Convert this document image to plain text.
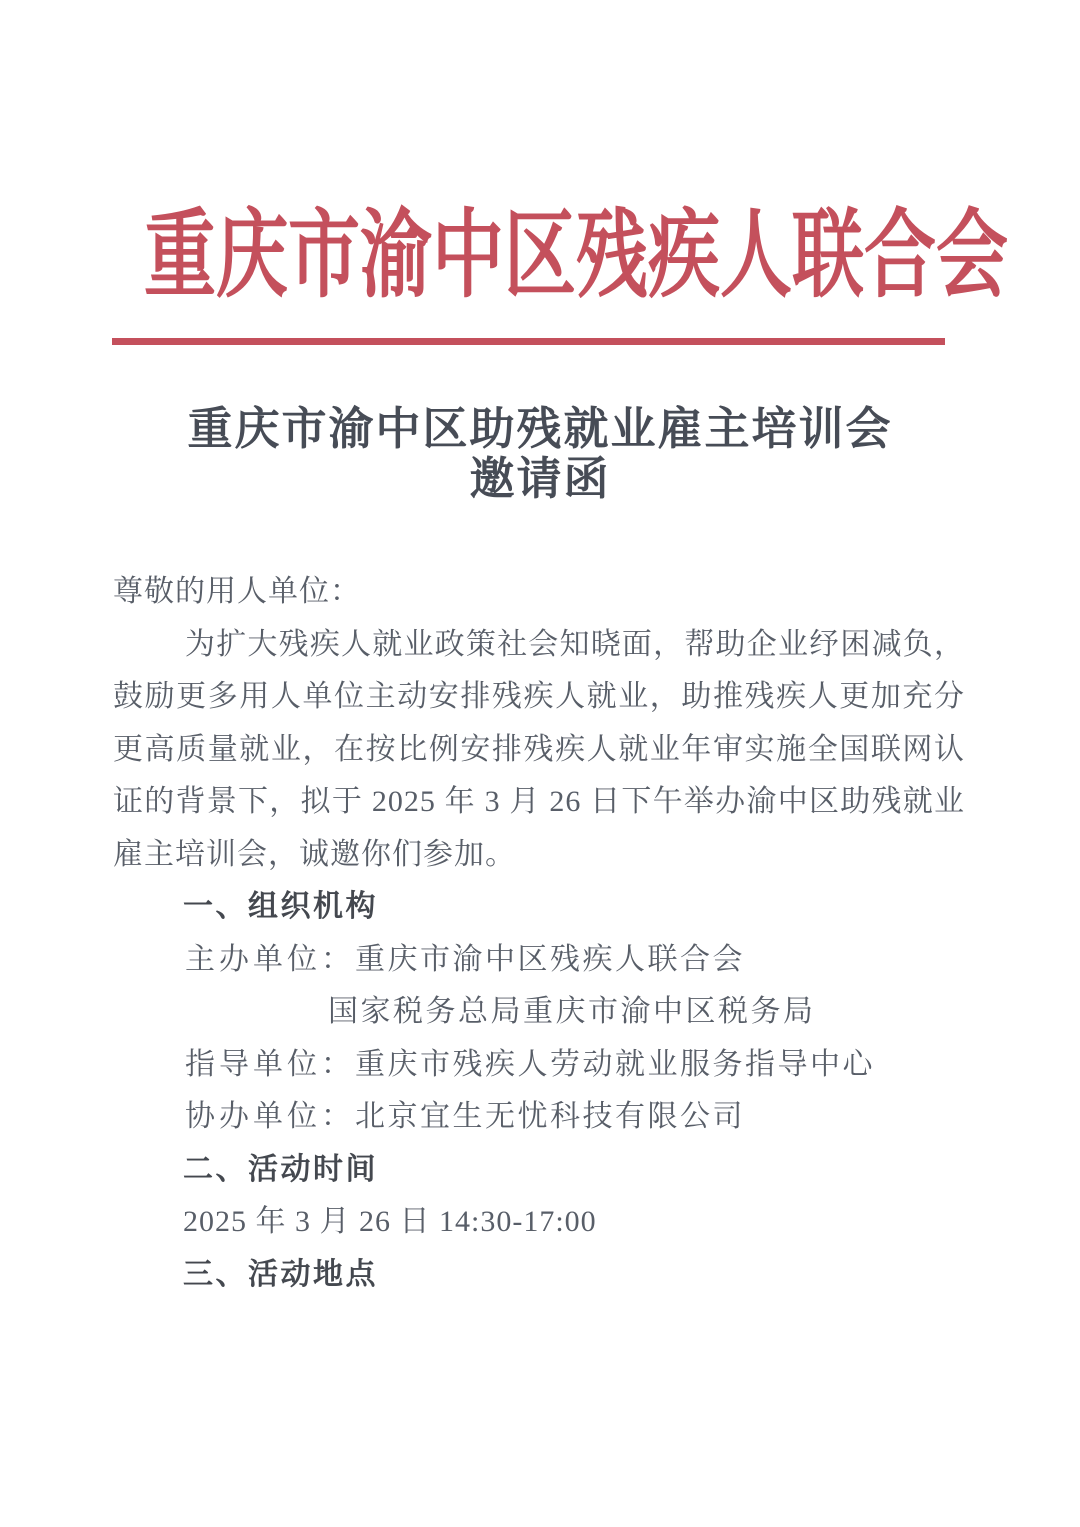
重庆市渝中区残疾人联合会
重庆市渝中区助残就业雇主培训会
邀请函
尊敬的用人单位：
为扩大残疾人就业政策社会知晓面，帮助企业纾困减负，鼓励更多用人单位主动安排残疾人就业，助推残疾人更加充分更高质量就业，在按比例安排残疾人就业年审实施全国联网认证的背景下，拟于 2025 年 3 月 26 日下午举办渝中区助残就业雇主培训会，诚邀你们参加。
一、组织机构
主办单位： 重庆市渝中区残疾人联合会
国家税务总局重庆市渝中区税务局
指导单位： 重庆市残疾人劳动就业服务指导中心
协办单位： 北京宜生无忧科技有限公司
二、活动时间
2025 年 3 月 26 日 14:30-17:00
三、活动地点
